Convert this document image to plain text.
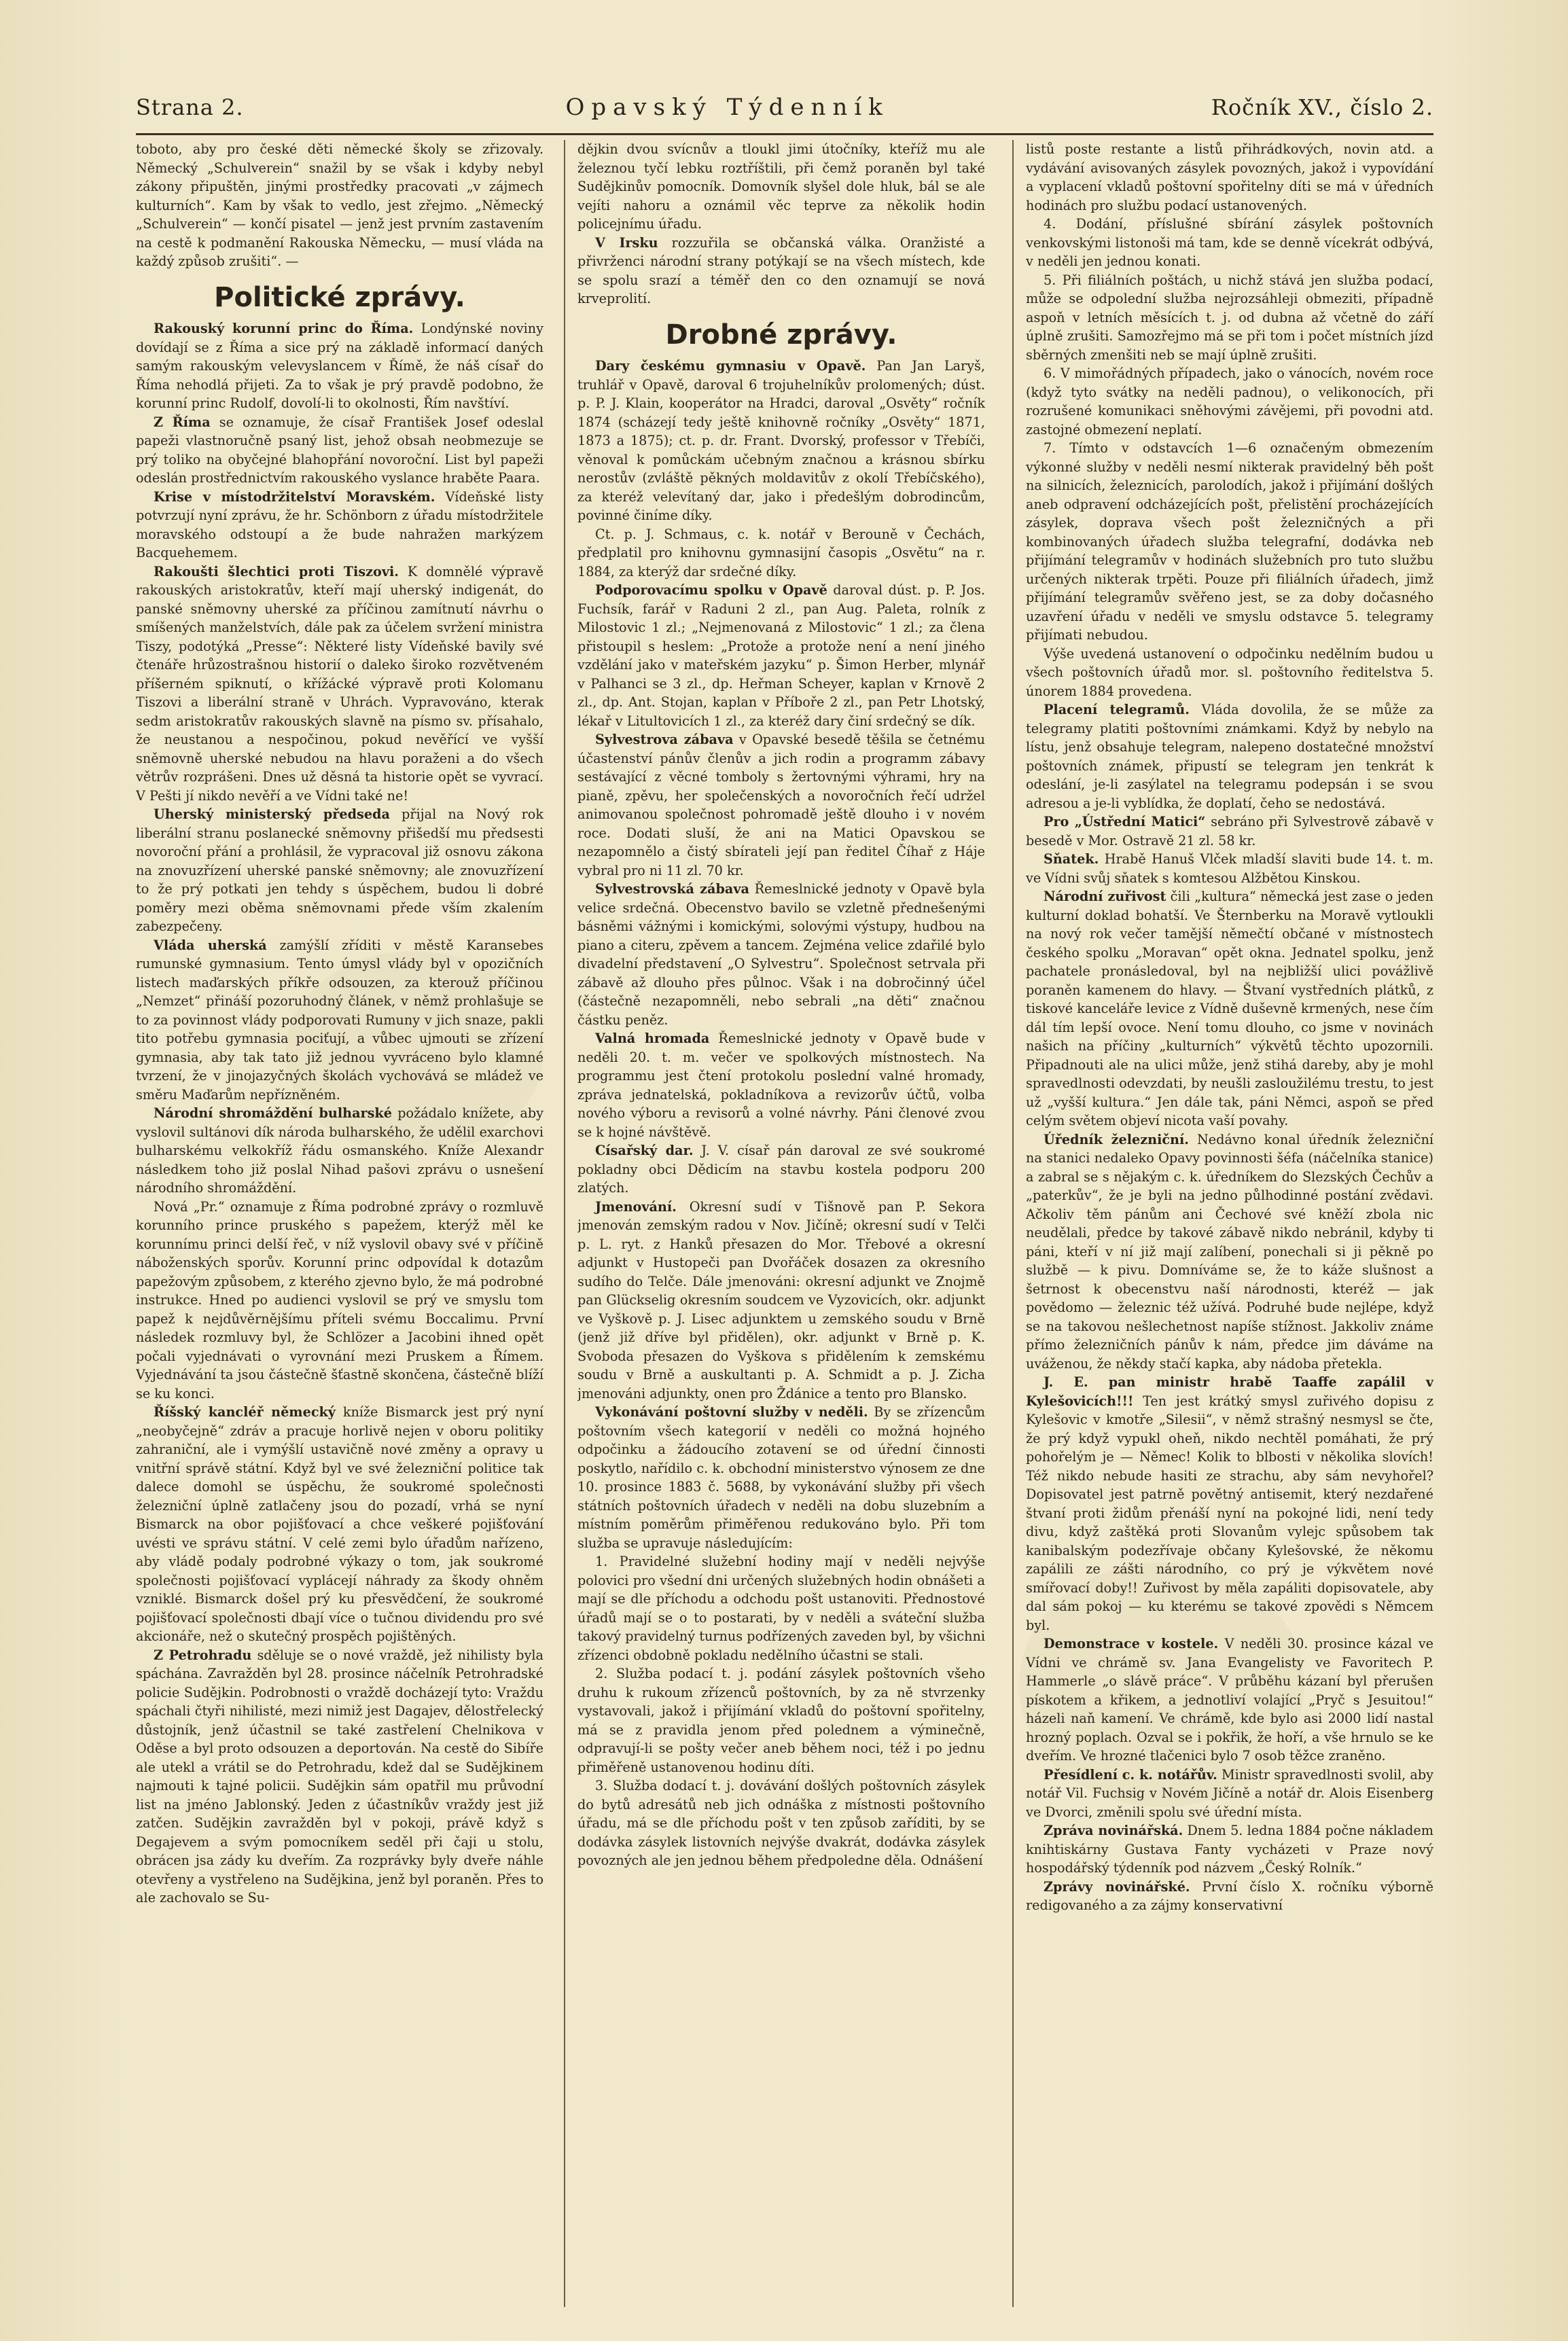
Strana 2.	Opavský Týdenník	Ročník XV., číslo 2.

toboto, aby pro české děti německé školy se zřizovaly. Německý „Schulverein“ snažil by se však i kdyby nebyl zákony připuštěn, jinými prostředky pracovati „v zájmech kulturních“. Kam by však to vedlo, jest zřejmo. „Německý „Schulverein“ — končí pisatel — jenž jest prvním zastavením na cestě k podmanění Rakouska Německu, — musí vláda na každý způsob zrušiti“. —

Politické zprávy.

Rakouský korunní princ do Říma. Londýnské noviny dovídají se z Říma a sice prý na základě informací daných samým rakouským velevyslancem v Římě, že náš císař do Říma nehodlá přijeti. Za to však je prý pravdě podobno, že korunní princ Rudolf, dovolí-li to okolnosti, Řím navštíví.

Z Říma se oznamuje, že císař František Josef odeslal papeži vlastnoručně psaný list, jehož obsah neobmezuje se prý toliko na obyčejné blahopřání novoroční. List byl papeži odeslán prostřednictvím rakouského vyslance hraběte Paara.

Krise v místodržitelství Moravském. Vídeňské listy potvrzují nyní zprávu, že hr. Schönborn z úřadu místodržitele moravského odstoupí a že bude nahražen markýzem Bacquehemem.

Rakoušti šlechtici proti Tiszovi. K domnělé výpravě rakouských aristokratův, kteří mají uherský indigenát, do panské sněmovny uherské za příčinou zamítnutí návrhu o smíšených manželstvích, dále pak za účelem svržení ministra Tiszy, podotýká „Presse“: Některé listy Vídeňské bavily své čtenáře hrůzostrašnou historií o daleko široko rozvětveném příšerném spiknutí, o křížácké výpravě proti Kolomanu Tiszovi a liberální straně v Uhrách. Vypravováno, kterak sedm aristokratův rakouských slavně na písmo sv. přísahalo, že neustanou a nespočinou, pokud nevěřící ve vyšší sněmovně uherské nebudou na hlavu poraženi a do všech větrův rozprášeni. Dnes už děsná ta historie opět se vyvrací. V Pešti jí nikdo nevěří a ve Vídni také ne!

Uherský ministerský předseda přijal na Nový rok liberální stranu poslanecké sněmovny přišedší mu předsesti novoroční přání a prohlásil, že vypracoval již osnovu zákona na znovuzřízení uherské panské sněmovny; ale znovuzřízení to že prý potkati jen tehdy s úspěchem, budou li dobré poměry mezi oběma sněmovnami přede vším zkalením zabezpečeny.

Vláda uherská zamýšlí zříditi v městě Karansebes rumunské gymnasium. Tento úmysl vlády byl v opozičních listech maďarských příkře odsouzen, za kterouž příčinou „Nemzet“ přináší pozoruhodný článek, v němž prohlašuje se to za povinnost vlády podporovati Rumuny v jich snaze, pakli tito potřebu gymnasia pociťují, a vůbec ujmouti se zřízení gymnasia, aby tak tato již jednou vyvráceno bylo klamné tvrzení, že v jinojazyčných školách vychovává se mládež ve směru Maďarům nepřízněném.

Národní shromáždění bulharské požádalo knížete, aby vyslovil sultánovi dík národa bulharského, že udělil exarchovi bulharskému velkokříž řádu osmanského. Kníže Alexandr následkem toho již poslal Nihad pašovi zprávu o usnešení národního shromáždění.

Nová „Pr.“ oznamuje z Říma podrobné zprávy o rozmluvě korunního prince pruského s papežem, kterýž měl ke korunnímu princi delší řeč, v níž vyslovil obavy své v příčině náboženských sporův. Korunní princ odpovídal k dotazům papežovým způsobem, z kterého zjevno bylo, že má podrobné instrukce. Hned po audienci vyslovil se prý ve smyslu tom papež k nejdůvěrnějšímu příteli svému Boccalimu. První následek rozmluvy byl, že Schlözer a Jacobini ihned opět počali vyjednávati o vyrovnání mezi Pruskem a Římem. Vyjednávání ta jsou částečně šťastně skončena, částečně blíží se ku konci.

Říšský kancléř německý kníže Bismarck jest prý nyní „neobyčejně“ zdráv a pracuje horlivě nejen v oboru politiky zahraniční, ale i vymýšlí ustavičně nové změny a opravy u vnitřní správě státní. Když byl ve své železniční politice tak dalece domohl se úspěchu, že soukromé společnosti železniční úplně zatlačeny jsou do pozadí, vrhá se nyní Bismarck na obor pojišťovací a chce veškeré pojišťování uvésti ve správu státní. V celé zemi bylo úřadům nařízeno, aby vládě podaly podrobné výkazy o tom, jak soukromé společnosti pojišťovací vyplácejí náhrady za škody ohněm vzniklé. Bismarck došel prý ku přesvědčení, že soukromé pojišťovací společnosti dbají více o tučnou dividendu pro své akcionáře, než o skutečný prospěch pojištěných.

Z Petrohradu sděluje se o nové vraždě, jež nihilisty byla spáchána. Zavražděn byl 28. prosince náčelník Petrohradské policie Sudějkin. Podrobnosti o vraždě docházejí tyto: Vraždu spáchali čtyři nihilisté, mezi nimiž jest Dagajev, dělostřelecký důstojník, jenž účastnil se také zastřelení Chelnikova v Oděse a byl proto odsouzen a deportován. Na cestě do Sibíře ale utekl a vrátil se do Petrohradu, kdež dal se Sudějkinem najmouti k tajné policii. Sudějkin sám opatřil mu průvodní list na jméno Jablonský. Jeden z účastníkův vraždy jest již zatčen. Sudějkin zavražděn byl v pokoji, právě když s Degajevem a svým pomocníkem seděl při čaji u stolu, obrácen jsa zády ku dveřím. Za rozprávky byly dveře náhle otevřeny a vystřeleno na Sudějkina, jenž byl poraněn. Přes to ale zachovalo se Su-

dějkin dvou svícnův a tloukl jimi útočníky, kteříž mu ale železnou tyčí lebku roztříštili, při čemž poraněn byl také Sudějkinův pomocník. Domovník slyšel dole hluk, bál se ale vejíti nahoru a oznámil věc teprve za několik hodin policejnímu úřadu.

V Irsku rozzuřila se občanská válka. Oranžisté a přivrženci národní strany potýkají se na všech místech, kde se spolu srazí a téměř den co den oznamují se nová krveprolití.

Drobné zprávy.

Dary českému gymnasiu v Opavě. Pan Jan Laryš, truhlář v Opavě, daroval 6 trojuhelníkův prolomených; dúst. p. P. J. Klain, kooperátor na Hradci, daroval „Osvěty“ ročník 1874 (scházejí tedy ještě knihovně ročníky „Osvěty“ 1871, 1873 a 1875); ct. p. dr. Frant. Dvorský, professor v Třebíči, věnoval k pomůckám učebným značnou a krásnou sbírku nerostův (zvláště pěkných moldavitův z okolí Třebíčského), za kteréž velevítaný dar, jako i předešlým dobrodincům, povinné činíme díky.

Ct. p. J. Schmaus, c. k. notář v Berouně v Čechách, předplatil pro knihovnu gymnasijní časopis „Osvětu“ na r. 1884, za kterýž dar srdečné díky.

Podporovacímu spolku v Opavě daroval dúst. p. P. Jos. Fuchsík, farář v Raduni 2 zl., pan Aug. Paleta, rolník z Milostovic 1 zl.; „Nejmenovaná z Milostovic“ 1 zl.; za člena přistoupil s heslem: „Protože a protože není a není jiného vzdělání jako v mateřském jazyku“ p. Šimon Herber, mlynář v Palhanci se 3 zl., dp. Heřman Scheyer, kaplan v Krnově 2 zl., dp. Ant. Stojan, kaplan v Příboře 2 zl., pan Petr Lhotský, lékař v Litultovicích 1 zl., za kteréž dary činí srdečný se dík.

Sylvestrova zábava v Opavské besedě těšila se četnému účastenství pánův členův a jich rodin a programm zábavy sestávající z věcné tomboly s žertovnými výhrami, hry na pianě, zpěvu, her společenských a novoročních řečí udržel animovanou společnost pohromadě ještě dlouho i v novém roce. Dodati sluší, že ani na Matici Opavskou se nezapomnělo a čistý sbírateli její pan ředitel Číhař z Háje vybral pro ni 11 zl. 70 kr.

Sylvestrovská zábava Řemeslnické jednoty v Opavě byla velice srdečná. Obecenstvo bavilo se vzletně přednešenými básněmi vážnými i komickými, solovými výstupy, hudbou na piano a citeru, zpěvem a tancem. Zejména velice zdařilé bylo divadelní představení „O Sylvestru“. Společnost setrvala při zábavě až dlouho přes půlnoc. Však i na dobročinný účel (částečně nezapomněli, nebo sebrali „na děti“ značnou částku peněz.

Valná hromada Řemeslnické jednoty v Opavě bude v neděli 20. t. m. večer ve spolkových místnostech. Na programmu jest čtení protokolu poslední valné hromady, zpráva jednatelská, pokladníkova a revizorův účtů, volba nového výboru a revisorů a volné návrhy. Páni členové zvou se k hojné návštěvě.

Císařský dar. J. V. císař pán daroval ze své soukromé pokladny obci Dědicím na stavbu kostela podporu 200 zlatých.

Jmenování. Okresní sudí v Tišnově pan P. Sekora jmenován zemským radou v Nov. Jičíně; okresní sudí v Telči p. L. ryt. z Hanků přesazen do Mor. Třebové a okresní adjunkt v Hustopeči pan Dvořáček dosazen za okresního sudího do Telče. Dále jmenováni: okresní adjunkt ve Znojmě pan Glückselig okresním soudcem ve Vyzovicích, okr. adjunkt ve Vyškově p. J. Lisec adjunktem u zemského soudu v Brně (jenž již dříve byl přidělen), okr. adjunkt v Brně p. K. Svoboda přesazen do Vyškova s přidělením k zemskému soudu v Brně a auskultanti p. A. Schmidt a p. J. Zicha jmenováni adjunkty, onen pro Ždánice a tento pro Blansko.

Vykonávání poštovní služby v neděli. By se zřízencům poštovním všech kategorií v neděli co možná hojného odpočinku a žádoucího zotavení se od úřední činnosti poskytlo, nařídilo c. k. obchodní ministerstvo výnosem ze dne 10. prosince 1883 č. 5688, by vykonávání služby při všech státních poštovních úřadech v neděli na dobu sluzebním a místním poměrům přiměřenou redukováno bylo. Při tom služba se upravuje následujícím:

1. Pravidelné služební hodiny mají v neděli nejvýše polovici pro všední dni určených služebných hodin obnášeti a mají se dle příchodu a odchodu pošt ustanoviti. Přednostové úřadů mají se o to postarati, by v neděli a sváteční služba takový pravidelný turnus podřízených zaveden byl, by všichni zřízenci obdobně pokladu nedělního účastni se stali.

2. Služba podací t. j. podání zásylek poštovních všeho druhu k rukoum zřízenců poštovních, by za ně stvrzenky vystavovali, jakož i přijímání vkladů do poštovní spořitelny, má se z pravidla jenom před polednem a výminečně, odpravují-li se pošty večer aneb během noci, též i po jednu přiměřeně ustanovenou hodinu díti.

3. Služba dodací t. j. dovávání došlých poštovních zásylek do bytů adresátů neb jich odnáška z místnosti poštovního úřadu, má se dle příchodu pošt v ten způsob zaříditi, by se dodávka zásylek listovních nejvýše dvakrát, dodávka zásylek povozných ale jen jednou během předpoledne děla. Odnášení

listů poste restante a listů přihrádkových, novin atd. a vydávání avisovaných zásylek povozných, jakož i vypovídání a vyplacení vkladů poštovní spořitelny díti se má v úředních hodinách pro službu podací ustanovených.

4. Dodání, příslušné sbírání zásylek poštovních venkovskými listonoši má tam, kde se denně vícekrát odbývá, v neděli jen jednou konati.

5. Při filiálních poštách, u nichž stává jen služba podací, může se odpolední služba nejrozsáhleji obmeziti, případně aspoň v letních měsících t. j. od dubna až včetně do září úplně zrušiti. Samozřejmo má se při tom i počet místních jízd sběrných zmenšiti neb se mají úplně zrušiti.

6. V mimořádných případech, jako o vánocích, novém roce (když tyto svátky na neděli padnou), o velikonocích, při rozrušené komunikaci sněhovými závějemi, při povodni atd. zastojné obmezení neplatí.

7. Tímto v odstavcích 1—6 označeným obmezením výkonné služby v neděli nesmí nikterak pravidelný běh pošt na silnicích, železnicích, parolodích, jakož i přijímání došlých aneb odpravení odcházejících pošt, přelistění procházejících zásylek, doprava všech pošt železničných a při kombinovaných úřadech služba telegrafní, dodávka neb přijímání telegramův v hodinách služebních pro tuto službu určených nikterak trpěti. Pouze při filiálních úřadech, jimž přijímání telegramův svěřeno jest, se za doby dočasného uzavření úřadu v neděli ve smyslu odstavce 5. telegramy přijímati nebudou.

Výše uvedená ustanovení o odpočinku nedělním budou u všech poštovních úřadů mor. sl. poštovního ředitelstva 5. únorem 1884 provedena.

Placení telegramů. Vláda dovolila, že se může za telegramy platiti poštovními známkami. Když by nebylo na lístu, jenž obsahuje telegram, nalepeno dostatečné množství poštovních známek, připustí se telegram jen tenkrát k odeslání, je-li zasýlatel na telegramu podepsán i se svou adresou a je-li vyblídka, že doplatí, čeho se nedostává.

Pro „Ústřední Matici“ sebráno při Sylvestrově zábavě v besedě v Mor. Ostravě 21 zl. 58 kr.

Sňatek. Hrabě Hanuš Vlček mladší slaviti bude 14. t. m. ve Vídni svůj sňatek s komtesou Alžbětou Kinskou.

Národní zuřivost čili „kultura“ německá jest zase o jeden kulturní doklad bohatší. Ve Šternberku na Moravě vytloukli na nový rok večer tamější němečtí občané v místnostech českého spolku „Moravan“ opět okna. Jednatel spolku, jenž pachatele pronásledoval, byl na nejbližší ulici povážlivě poraněn kamenem do hlavy. — Štvaní vystředních plátků, z tiskové kanceláře levice z Vídně duševně krmených, nese čím dál tím lepší ovoce. Není tomu dlouho, co jsme v novinách našich na příčiny „kulturních“ výkvětů těchto upozornili. Připadnouti ale na ulici může, jenž stihá dareby, aby je mohl spravedlnosti odevzdati, by neušli zasloužilému trestu, to jest už „vyšší kultura.“ Jen dále tak, páni Němci, aspoň se před celým světem objeví nicota vaší povahy.

Úředník železniční. Nedávno konal úředník železniční na stanici nedaleko Opavy povinnosti šéfa (náčelníka stanice) a zabral se s nějakým c. k. úředníkem do Slezských Čechův a „paterkův“, že je byli na jedno půlhodinné postání zvědavi. Ačkoliv těm pánům ani Čechové své kněží zbola nic neudělali, předce by takové zábavě nikdo nebránil, kdyby ti páni, kteří v ní již mají zalíbení, ponechali si ji pěkně po službě — k pivu. Domníváme se, že to káže slušnost a šetrnost k obecenstvu naší národnosti, kteréž — jak povědomo — železnic též užívá. Podruhé bude nejlépe, když se na takovou nešlechetnost napíše stížnost. Jakkoliv známe přímo železničních pánův k nám, předce jim dáváme na uváženou, že někdy stačí kapka, aby nádoba přetekla.

J. E. pan ministr hrabě Taaffe zapálil v Kylešovicích!!! Ten jest krátký smysl zuřivého dopisu z Kylešovic v kmotře „Silesii“, v němž strašný nesmysl se čte, že prý když vypukl oheň, nikdo nechtěl pomáhati, že prý pohořelým je — Němec! Kolik to blbosti v několika slovích! Též nikdo nebude hasiti ze strachu, aby sám nevyhořel? Dopisovatel jest patrně povětný antisemit, který nezdařené štvaní proti židům přenáší nyní na pokojné lidi, není tedy divu, když zaštěká proti Slovanům vylejc spůsobem tak kanibalským podezřívaje občany Kylešovské, že někomu zapálili ze zášti národního, co prý je výkvětem nové smířovací doby!! Zuřivost by měla zapáliti dopisovatele, aby dal sám pokoj — ku kterému se takové zpovědi s Němcem byl.

Demonstrace v kostele. V neděli 30. prosince kázal ve Vídni ve chrámě sv. Jana Evangelisty ve Favoritech P. Hammerle „o slávě práce“. V průběhu kázaní byl přerušen pískotem a křikem, a jednotliví volající „Pryč s Jesuitou!“ házeli naň kamení. Ve chrámě, kde bylo asi 2000 lidí nastal hrozný poplach. Ozval se i pokřik, že hoří, a vše hrnulo se ke dveřím. Ve hrozné tlačenici bylo 7 osob těžce zraněno.

Přesídlení c. k. notářův. Ministr spravedlnosti svolil, aby notář Vil. Fuchsig v Novém Jičíně a notář dr. Alois Eisenberg ve Dvorci, změnili spolu své úřední místa.

Zpráva novinářská. Dnem 5. ledna 1884 počne nákladem knihtiskárny Gustava Fanty vycházeti v Praze nový hospodářský týdenník pod názvem „Český Rolník.“

Zprávy novinářské. První číslo X. ročníku výborně redigovaného a za zájmy konservativní
